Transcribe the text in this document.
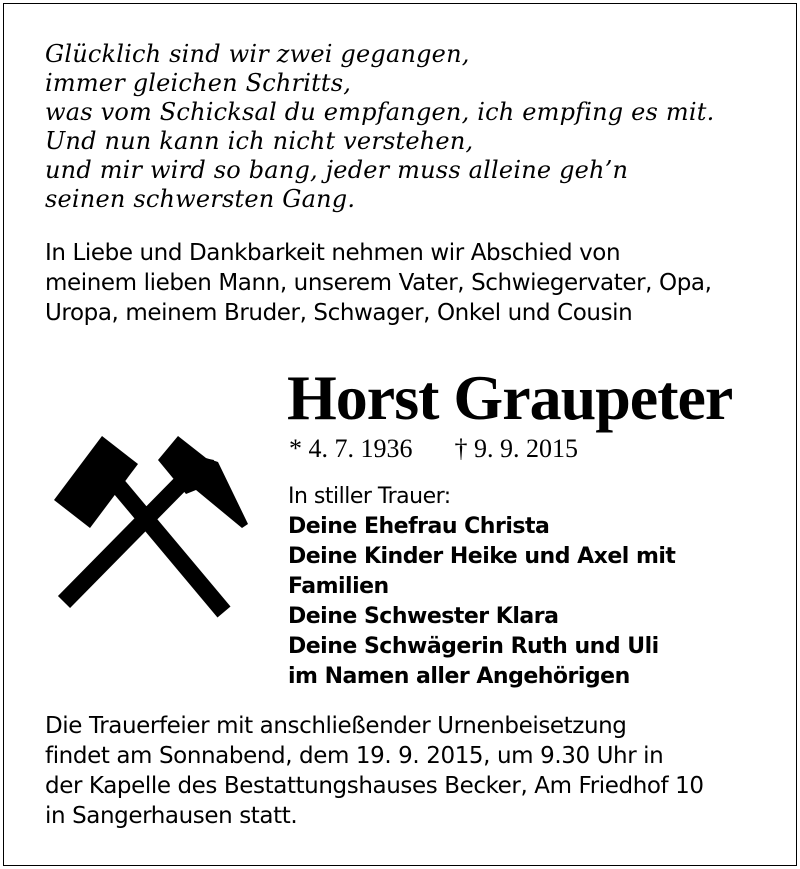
Glücklich sind wir zwei gegangen,
immer gleichen Schritts,
was vom Schicksal du empfangen, ich empfing es mit.
Und nun kann ich nicht verstehen,
und mir wird so bang, jeder muss alleine geh’n
seinen schwersten Gang.
In Liebe und Dankbarkeit nehmen wir Abschied von
meinem lieben Mann, unserem Vater, Schwiegervater, Opa,
Uropa, meinem Bruder, Schwager, Onkel und Cousin
Horst Graupeter
* 4. 7. 1936 † 9. 9. 2015
In stiller Trauer:
Deine Ehefrau Christa
Deine Kinder Heike und Axel mit
Familien
Deine Schwester Klara
Deine Schwägerin Ruth und Uli
im Namen aller Angehörigen
Die Trauerfeier mit anschließender Urnenbeisetzung
findet am Sonnabend, dem 19. 9. 2015, um 9.30 Uhr in
der Kapelle des Bestattungshauses Becker, Am Friedhof 10
in Sangerhausen statt.
